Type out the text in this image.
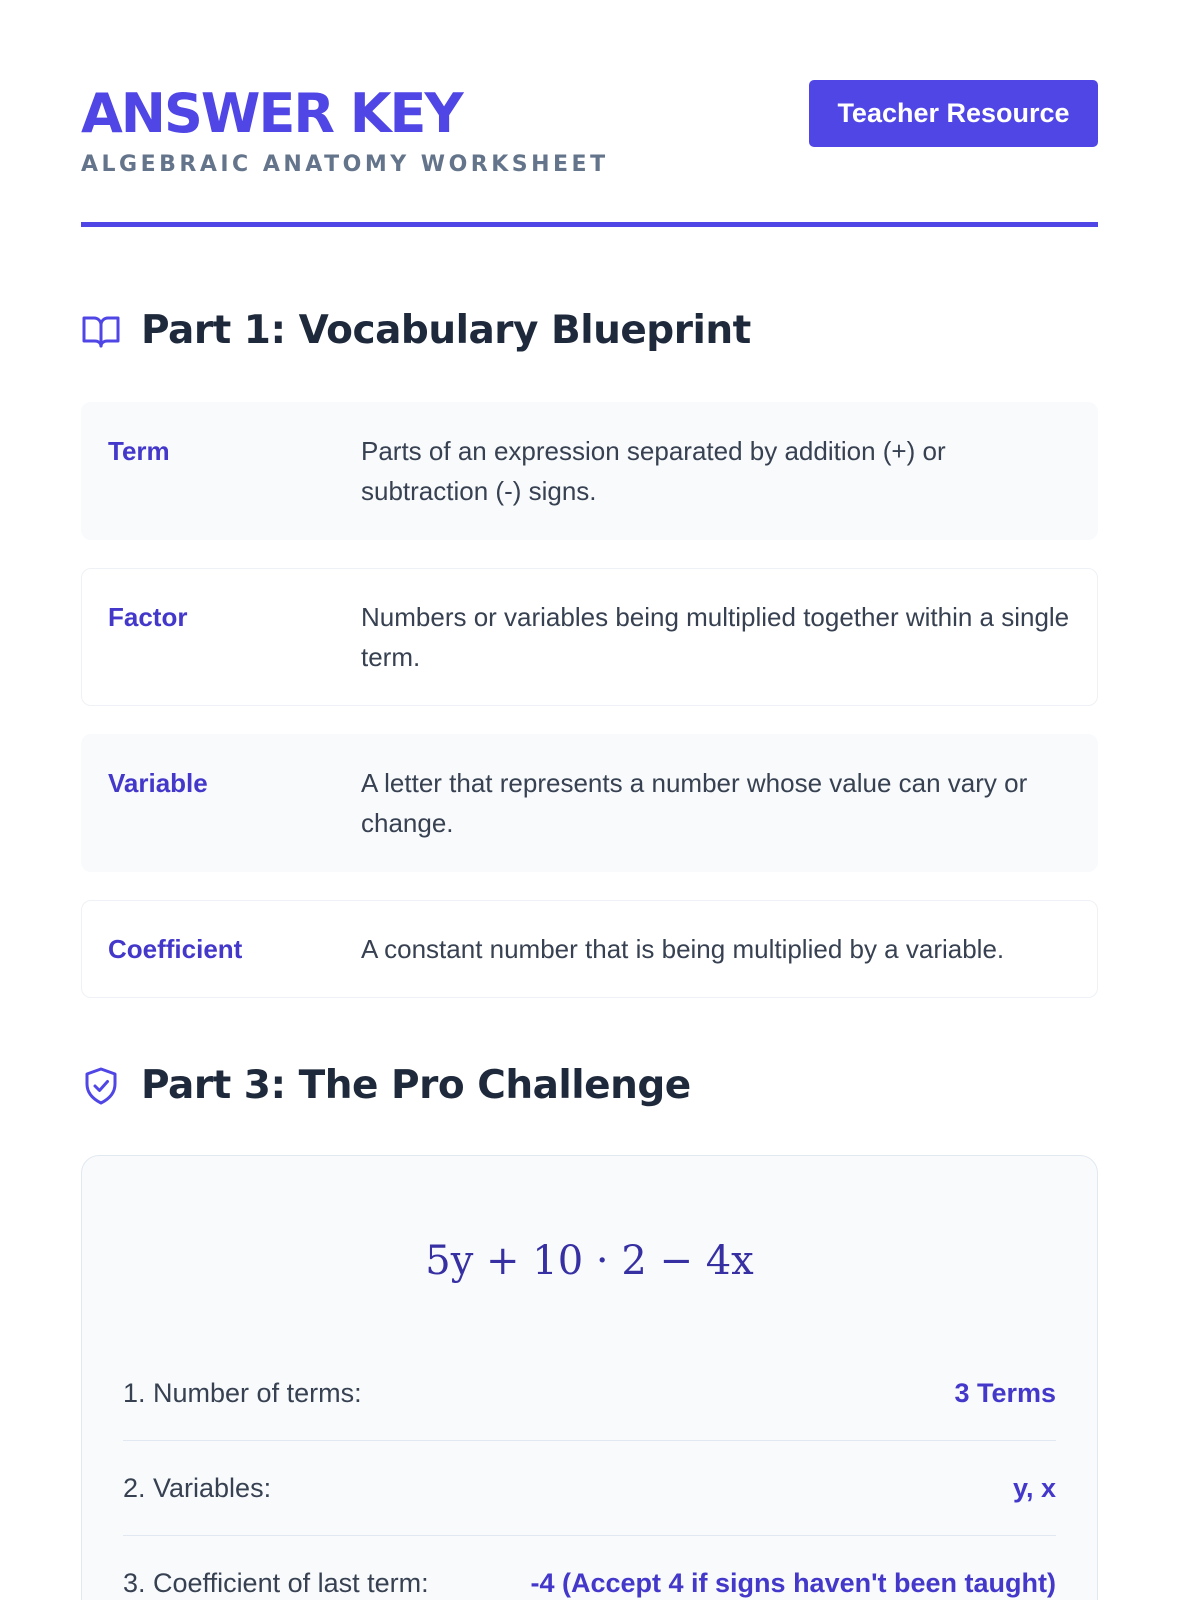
ANSWER KEY
ALGEBRAIC ANATOMY WORKSHEET
Teacher Resource
Part 1: Vocabulary Blueprint
Term	Parts of an expression separated by addition (+) or subtraction (-) signs.
Factor	Numbers or variables being multiplied together within a single term.
Variable	A letter that represents a number whose value can vary or change.
Coefficient	A constant number that is being multiplied by a variable.
Part 3: The Pro Challenge
5y + 10 · 2 − 4x
1. Number of terms:	3 Terms
2. Variables:	y, x
3. Coefficient of last term:	-4 (Accept 4 if signs haven't been taught)
